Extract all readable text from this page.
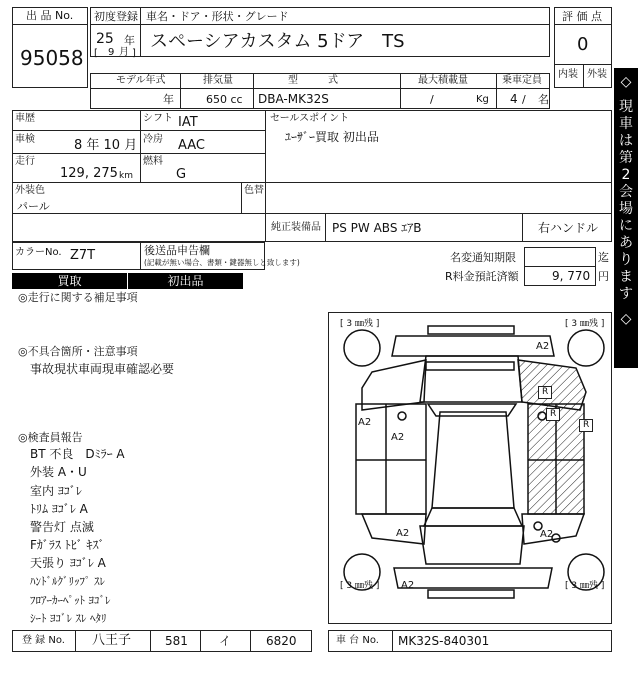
出 品 No.
95058
初度登録 車名・ドア・形状・グレード
25 年
[ 9 月 ]
スペーシアカスタム 5ドア　TS
評 価 点
0
内装 外装
モデル年式	排気量	型　　　式	最大積載量	乗車定員
年	650 cc DBA-MK32S	/	Kg 4 / 名
車歴
車検	8 年 10 月
走行
129, 275 km
シフト IAT
冷房 AAC
燃料
G
セールスポイント
ﾕｰｻﾞｰ買取 初出品
外装色
パール
色替
純正装備品 PS PW ABS ｴｱB	右ハンドル
カラーNo. Z7T	後送品申告欄
(記載が無い場合、書類・鍵器無しと致します)
買取	初出品
名変通知期限	迄
R料金預託済額	9, 770 円
◇
現
車
は
第
2
会
場
に
あ
り
ま
す
◇
◎走行に関する補足事項
◎不具合箇所・注意事項
事故現状車両現車確認必要
◎検査員報告
BT 不良　Dﾐﾗｰ A
外装 A・U
室内 ﾖｺﾞﾚ
ﾄﾘﾑ ﾖｺﾞﾚ A
警告灯 点滅
Fｶﾞﾗｽ ﾄﾋﾞ ｷｽﾞ
天張り ﾖｺﾞﾚ A
ﾊﾝﾄﾞﾙｸﾞﾘｯﾌﾟ ｽﾚ
ﾌﾛｱｰｶｰﾍﾟｯﾄ ﾖｺﾞﾚ
ｼｰﾄ ﾖｺﾞﾚ ｽﾚ ﾍﾀﾘ
[ 3 ㎜残 ]	[ 3 ㎜残 ]
[ 3 ㎜残 ]	[ 3 ㎜残 ]
A2
A2
A2
A2	A2
A2
R
R
R
登 録 No. 八王子	581	イ	6820	車 台 No. MK32S-840301
